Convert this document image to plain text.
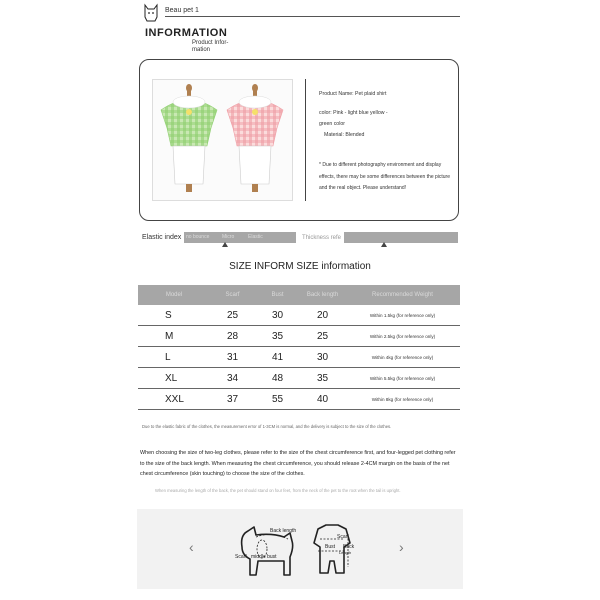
Beau pet 1
INFORMATION
Product Infor- mation
Product Name: Pet plaid shirt
color: Pink - light blue yellow -
green color
Material: Blended
* Due to different photography environment and display effects, there may be some differences between the picture and the real object. Please understand!
Elastic index no bounce	Micro	Elastic	Thickness refe
SIZE INFORM SIZE information
Model	Scarf	Bust	Back length	Recommended Weight
S	25	30	20	Within 1.5kg (for reference only)
M	28	35	25	Within 2.5kg (for reference only)
L	31	41	30	Within 4kg (for reference only)
XL	34	48	35	Within 5.5kg (for reference only)
XXL	37	55	40	Within 8kg (for reference only)
Due to the elastic fabric of the clothes, the measurement error of 1-3CM is normal, and the delivery is subject to the size of the clothes.
When choosing the size of two-leg clothes, please refer to the size of the chest circumference first, and four-legged pet clothing refer to the size of the back length. When measuring the chest circumference, you should release 2-4CM margin on the basis of the net chest circumference (skin touching) to choose the size of the clothes.
When measuring the length of the back, the pet should stand on four feet, from the neck of the pet to the root when the tail is upright.
‹	›
Back length
Scarf middle bust
Scarf
Bust Back
Length
